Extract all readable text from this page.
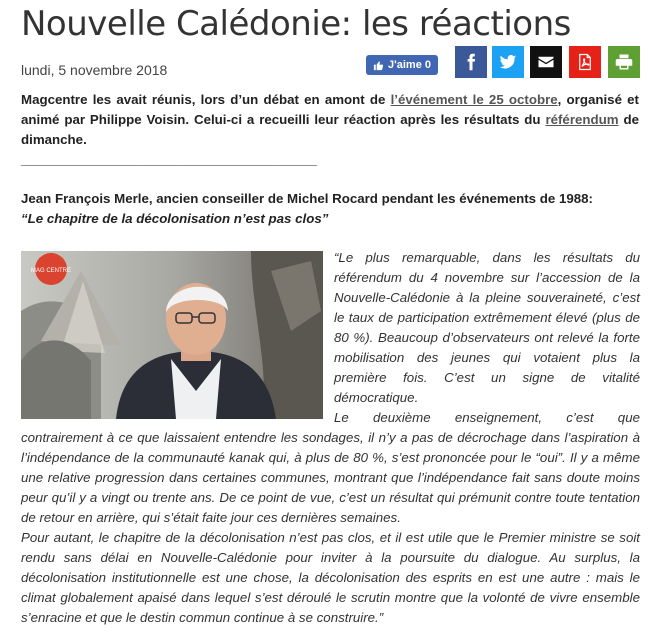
Nouvelle Calédonie: les réactions
lundi, 5 novembre 2018	J'aime 0
Magcentre les avait réunis, lors d’un débat en amont de l’événement le 25 octobre, organisé et animé par Philippe Voisin. Celui-ci a recueilli leur réaction après les résultats du référendum de dimanche.
________________________________________
Jean François Merle, ancien conseiller de Michel Rocard pendant les événements de 1988:
“Le chapitre de la décolonisation n’est pas clos”
MAG CENTRE

“Le plus remarquable, dans les résultats du référendum du 4 novembre sur l’accession de la Nouvelle-Calédonie à la pleine souveraineté, c’est le taux de participation extrêmement élevé (plus de 80 %). Beaucoup d’observateurs ont relevé la forte mobilisation des jeunes qui votaient plus la première fois. C’est un signe de vitalité démocratique.

Le deuxième enseignement, c’est que contrairement à ce que laissaient entendre les sondages, il n’y a pas de décrochage dans l’aspiration à l’indépendance de la communauté kanak qui, à plus de 80 %, s’est prononcée pour le “oui”. Il y a même une relative progression dans certaines communes, montrant que l’indépendance fait sans doute moins peur qu’il y a vingt ou trente ans. De ce point de vue, c’est un résultat qui prémunit contre toute tentation de retour en arrière, qui s’était faite jour ces dernières semaines.

Pour autant, le chapitre de la décolonisation n’est pas clos, et il est utile que le Premier ministre se soit rendu sans délai en Nouvelle-Calédonie pour inviter à la poursuite du dialogue. Au surplus, la décolonisation institutionnelle est une chose, la décolonisation des esprits en est une autre : mais le climat globalement apaisé dans lequel s’est déroulé le scrutin montre que la volonté de vivre ensemble s’enracine et que le destin commun continue à se construire.”
